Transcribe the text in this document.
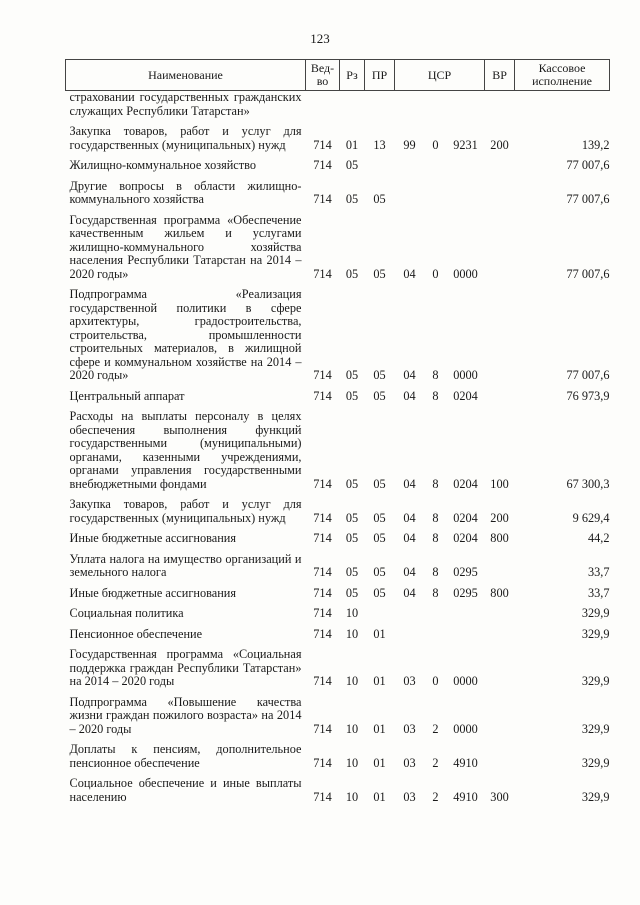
123
Наименование	Вед-во	Рз	ПР	ЦСР			ВР	Кассовое исполнение
страховании государственных гражданских служащих Республики Татарстан»								
Закупка товаров, работ и услуг для государственных (муниципальных) нужд	714	01	13	99	0	9231	200	139,2
Жилищно-коммунальное хозяйство	714	05						77 007,6
Другие вопросы в области жилищно-коммунального хозяйства	714	05	05					77 007,6
Государственная программа «Обеспечение качественным жильем и услугами жилищно-коммунального хозяйства населения Республики Татарстан на 2014 – 2020 годы»	714	05	05	04	0	0000		77 007,6
Подпрограмма «Реализация государственной политики в сфере архитектуры, градостроительства, строительства, промышленности строительных материалов, в жилищной сфере и коммунальном хозяйстве на 2014 – 2020 годы»	714	05	05	04	8	0000		77 007,6
Центральный аппарат	714	05	05	04	8	0204		76 973,9
Расходы на выплаты персоналу в целях обеспечения выполнения функций государственными (муниципальными) органами, казенными учреждениями, органами управления государственными внебюджетными фондами	714	05	05	04	8	0204	100	67 300,3
Закупка товаров, работ и услуг для государственных (муниципальных) нужд	714	05	05	04	8	0204	200	9 629,4
Иные бюджетные ассигнования	714	05	05	04	8	0204	800	44,2
Уплата налога на имущество организаций и земельного налога	714	05	05	04	8	0295		33,7
Иные бюджетные ассигнования	714	05	05	04	8	0295	800	33,7
Социальная политика	714	10						329,9
Пенсионное обеспечение	714	10	01					329,9
Государственная программа «Социальная поддержка граждан Республики Татарстан» на 2014 – 2020 годы	714	10	01	03	0	0000		329,9
Подпрограмма «Повышение качества жизни граждан пожилого возраста» на 2014 – 2020 годы	714	10	01	03	2	0000		329,9
Доплаты к пенсиям, дополнительное пенсионное обеспечение	714	10	01	03	2	4910		329,9
Социальное обеспечение и иные выплаты населению	714	10	01	03	2	4910	300	329,9
